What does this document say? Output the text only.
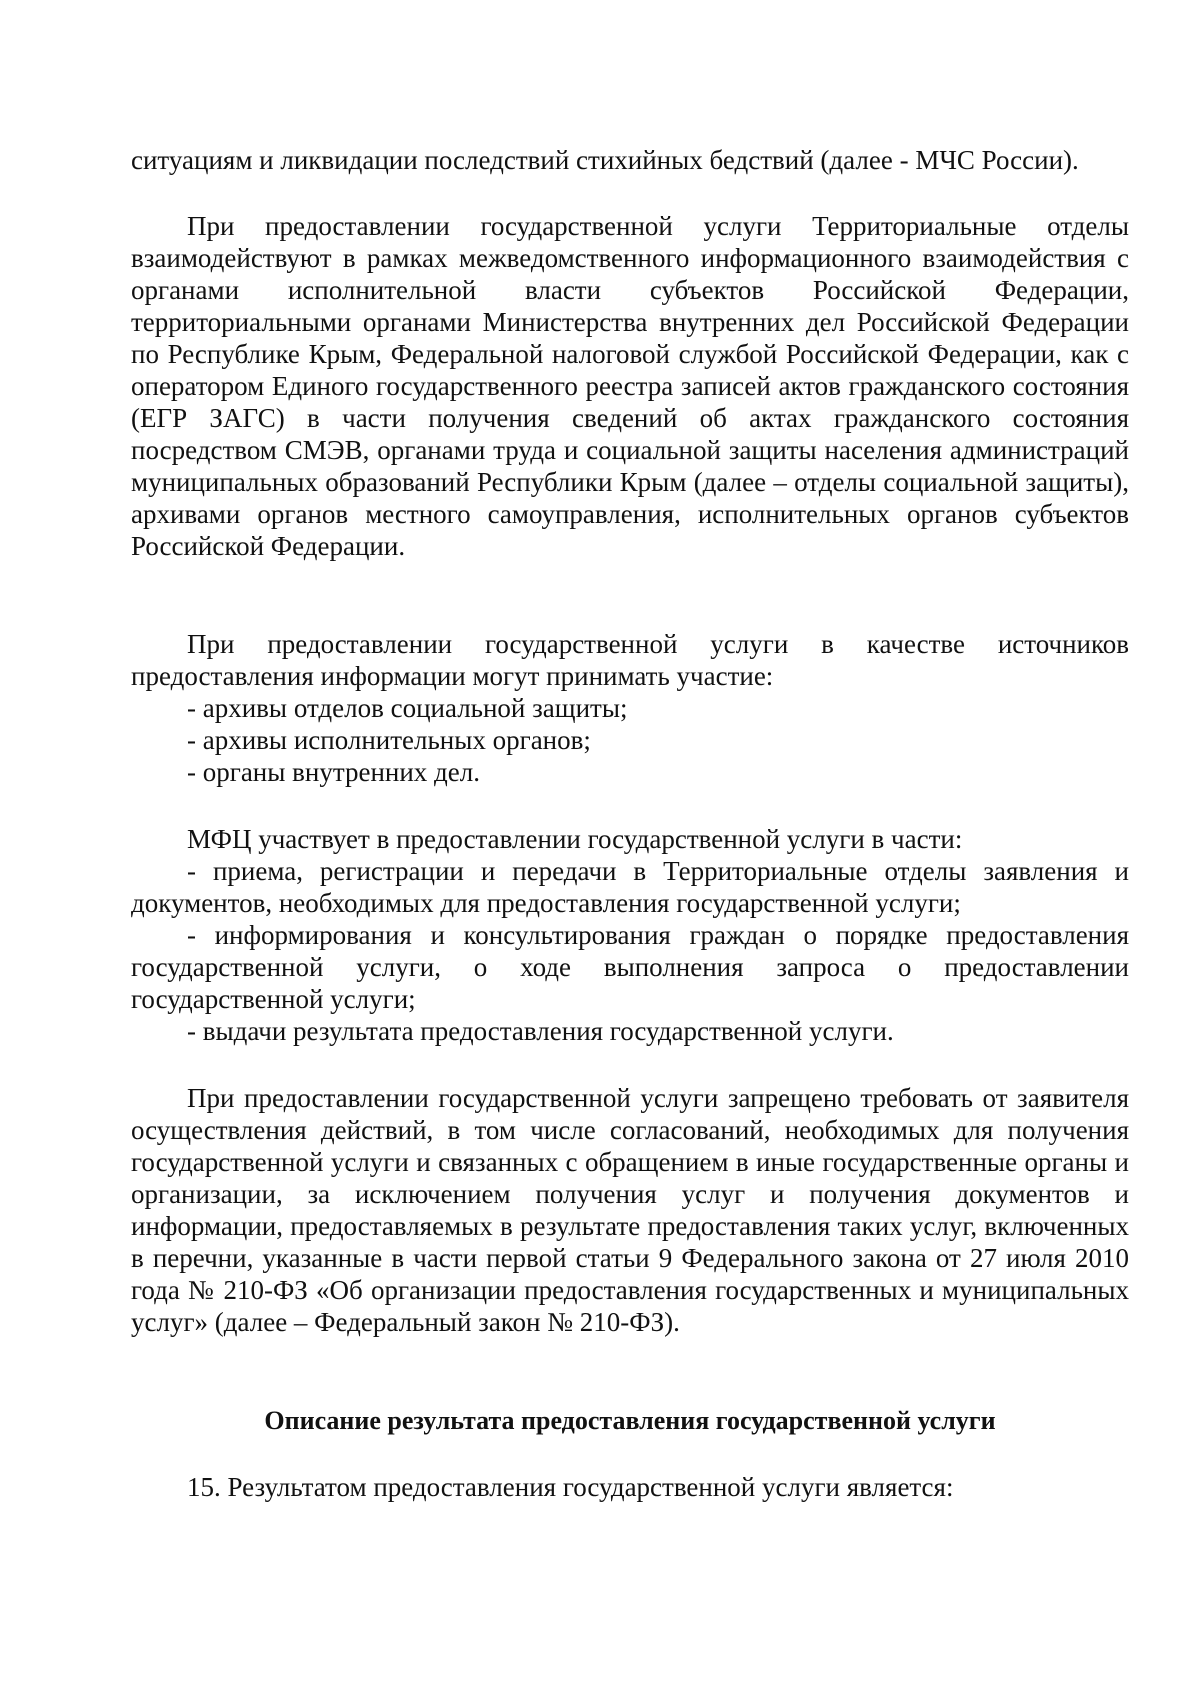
ситуациям и ликвидации последствий стихийных бедствий (далее - МЧС России).

При предоставлении государственной услуги Территориальные отделы взаимодействуют в рамках межведомственного информационного взаимодействия с органами исполнительной власти субъектов Российской Федерации, территориальными органами Министерства внутренних дел Российской Федерации по Республике Крым, Федеральной налоговой службой Российской Федерации, как с оператором Единого государственного реестра записей актов гражданского состояния (ЕГР ЗАГС) в части получения сведений об актах гражданского состояния посредством СМЭВ, органами труда и социальной защиты населения администраций муниципальных образований Республики Крым (далее – отделы социальной защиты), архивами органов местного самоуправления, исполнительных органов субъектов Российской Федерации.

При предоставлении государственной услуги в качестве источников предоставления информации могут принимать участие:

- архивы отделов социальной защиты;
- архивы исполнительных органов;
- органы внутренних дел.

МФЦ участвует в предоставлении государственной услуги в части:

- приема, регистрации и передачи в Территориальные отделы заявления и документов, необходимых для предоставления государственной услуги;
- информирования и консультирования граждан о порядке предоставления государственной услуги, о ходе выполнения запроса о предоставлении государственной услуги;
- выдачи результата предоставления государственной услуги.

При предоставлении государственной услуги запрещено требовать от заявителя осуществления действий, в том числе согласований, необходимых для получения государственной услуги и связанных с обращением в иные государственные органы и организации, за исключением получения услуг и получения документов и информации, предоставляемых в результате предоставления таких услуг, включенных в перечни, указанные в части первой статьи 9 Федерального закона от 27 июля 2010 года № 210-ФЗ «Об организации предоставления государственных и муниципальных услуг» (далее – Федеральный закон № 210-ФЗ).

Описание результата предоставления государственной услуги

15. Результатом предоставления государственной услуги является:
